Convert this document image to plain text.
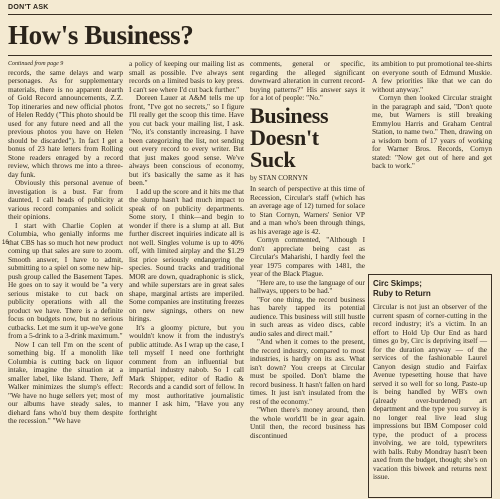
DON'T ASK
How's Business?
16
Continued from page 9

records, the same delays and warp personages. As for supplementary materials, there is no apparent dearth of Gold Record announcements, Z.Z. Top itineraries and new official photos of Helen Reddy ("This photo should be used for any future need and all the previous photos you have on Helen should be discarded"). In fact I get a bonus of 23 hate letters from Rolling Stone readers enraged by a record review, which throws me into a three-day funk.

Obviously this personal avenue of investigation is a bust. Far from daunted, I call heads of publicity at various record companies and solicit their opinions.

I start with Charlie Coplen at Columbia, who genially informs me that CBS has so much hot new product coming up that sales are sure to zoom. Smooth answer, I have to admit, submitting to a spiel on some new hip-push group called the Basement Tapes. He goes on to say it would be "a very serious mistake to cut back on publicity operations with all the product we have. There is a definite focus on budgets now, but no serious cutbacks. Let me sum it up-we've gone from a 5-drink to a 3-drink maximum."

Now I can tell I'm on the scent of something big. If a monolith like Columbia is cutting back on liquor intake, imagine the situation at a smaller label, like Island. There, Jeff Walker minimizes the slump's effect: "We have no huge sellers yet; most of our albums have steady sales, to diehard fans who'd buy them despite the recession." "We have

a policy of keeping our mailing list as small as possible. I've always sent records on a limited basis to key press. I can't see where I'd cut back further."

Doreen Lauer at A&M tells me up front, "I've got no secrets," so I figure I'll really get the scoop this time. Have you cut back your mailing list, I ask. "No, it's constantly increasing. I have been categorizing the list, not sending out every record to every writer. But that just makes good sense. We've always been conscious of economy, but it's basically the same as it has been."

I add up the score and it hits me that the slump hasn't had much impact to speak of on publicity departments. Some story, I think—and begin to wonder if there is a slump at all. But further discreet inquiries indicate all is not well. Singles volume is up to 40% off, with limited airplay and the $1.29 list price seriously endangering the species. Sound tracks and traditional MOR are down, quadraphonic is slick, and while superstars are in great sales shape, marginal artists are imperiled. Some companies are instituting freezes on new signings, others on new hirings.

It's a gloomy picture, but you wouldn't know it from the industry's public attitude. As I wrap up the case, I tell myself I need one forthright comment from an influential but impartial industry nabob. So I call Mark Shipper, editor of Radio & Records and a candid sort of fellow. In my most authoritative journalistic manner I ask him, "Have you any forthright

comments, general or specific, regarding the alleged significant downward alteration in current record-buying patterns?" His answer says it for a lot of people: "No."

Business Doesn't Suck
by STAN CORNYN

In search of perspective at this time of Recession, Circular's staff (which has an average age of 12) turned for solace to Stan Cornyn, Warners' Senior VP and a man who's been through things, as his average age is 42.

Cornyn commented, "Although I don't appreciate being cast as Circular's Maharishi, I hardly feel the year 1975 compares with 1481, the year of the Black Plague.

"Here are, to use the language of our hallways, uppers to be had."

"For one thing, the record business has barely tapped its potential audience. This business will still hustle in such areas as video discs, cable audio sales and direct mail."

"And when it comes to the present, the record industry, compared to most industries, is hardly on its ass. What isn't down? You creeps at Circular must be spoiled. Don't blame the record business. It hasn't fallen on hard times. It just isn't insulated from the rest of the economy."

"When there's money around, then the whole world'll be in gear again. Until then, the record business has discontinued

its ambition to put promotional tee-shirts on everyone south of Edmund Muskie. A few priorities like that we can do without anyway."

Cornyn then looked Circular straight in the paragraph and said, "Don't quote me, but Warners is still breaking Emmylou Harris and Graham Central Station, to name two." Then, drawing on a wisdom born of 17 years of working for Warner Bros. Records, Cornyn stated: "Now get out of here and get back to work."

Circ Skimps;
Ruby to Return
Circular is not just an observer of the current spasm of corner-cutting in the record industry; it's a victim. In an effort to Hold Up Our End as hard times go by, Circ is depriving itself — for the duration anyway — of the services of the fashionable Laurel Canyon design studio and Fairfax Avenue typesetting house that have served it so well for so long. Paste-up is being handled by WB's own (already over-burdened) art department and the type you survey is no longer real live lead slug impressions but IBM Composer cold type, the product of a process involving, we are told, typewriters with balls. Ruby Mondray hasn't been axed from the budget, though; she's on vacation this biweek and returns next issue.
